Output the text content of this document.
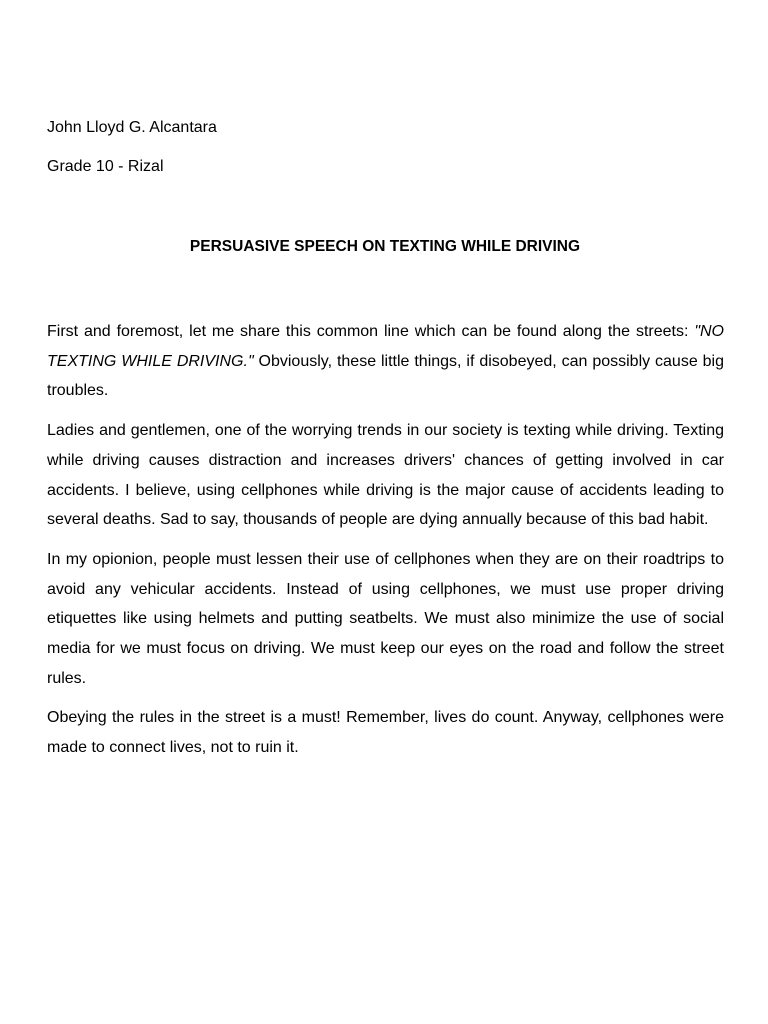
John Lloyd G. Alcantara

Grade 10 - Rizal

PERSUASIVE SPEECH ON TEXTING WHILE DRIVING

First and foremost, let me share this common line which can be found along the streets: "NO TEXTING WHILE DRIVING." Obviously, these little things, if disobeyed, can possibly cause big troubles.

Ladies and gentlemen, one of the worrying trends in our society is texting while driving. Texting while driving causes distraction and increases drivers' chances of getting involved in car accidents. I believe, using cellphones while driving is the major cause of accidents leading to several deaths. Sad to say, thousands of people are dying annually because of this bad habit.

In my opionion, people must lessen their use of cellphones when they are on their roadtrips to avoid any vehicular accidents. Instead of using cellphones, we must use proper driving etiquettes like using helmets and putting seatbelts. We must also minimize the use of social media for we must focus on driving. We must keep our eyes on the road and follow the street rules.

Obeying the rules in the street is a must! Remember, lives do count. Anyway, cellphones were made to connect lives, not to ruin it.
